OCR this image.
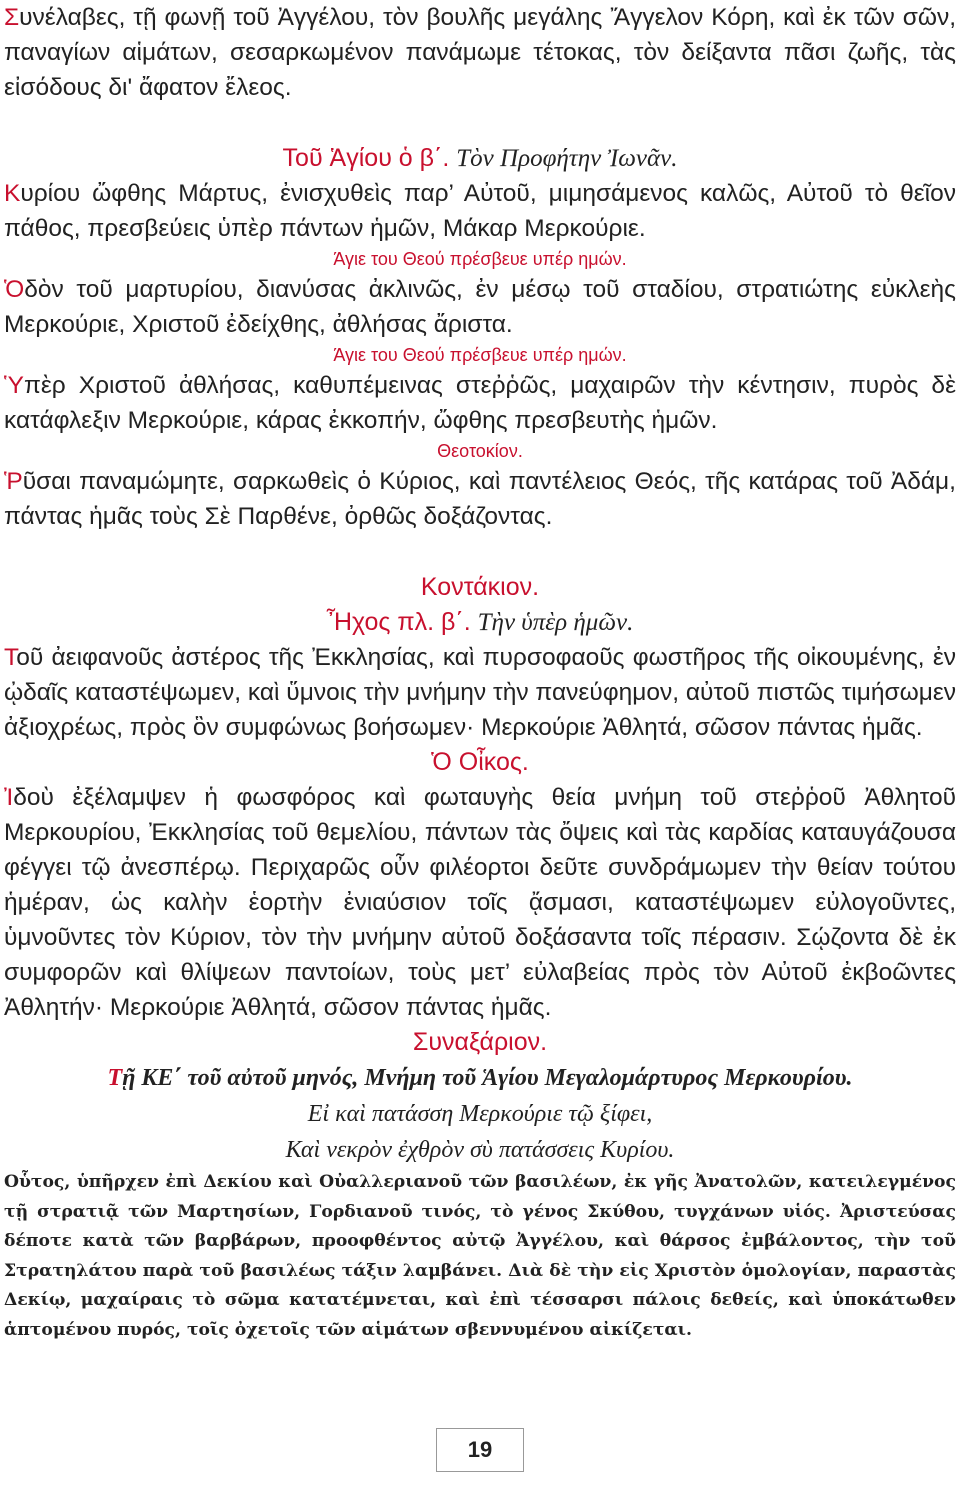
Συνέλαβες, τῇ φωνῇ τοῦ Ἀγγέλου, τὸν βουλῆς μεγάλης Ἄγγελον Κόρη, καὶ ἐκ τῶν σῶν, παναγίων αἱμάτων, σεσαρκωμένον πανάμωμε τέτοκας, τὸν δείξαντα πᾶσι ζωῆς, τὰς εἰσόδους δι' ἄφατον ἔλεος.

Τοῦ Ἁγίου ὁ β΄. Τὸν Προφήτην Ἰωνᾶν.

Κυρίου ὤφθης Μάρτυς, ἐνισχυθεὶς παρ’ Αὐτοῦ, μιμησάμενος καλῶς, Αὐτοῦ τὸ θεῖον πάθος, πρεσβεύεις ὑπὲρ πάντων ἡμῶν, Μάκαρ Μερκούριε.

Άγιε του Θεού πρέσβευε υπέρ ημών.

Ὁδὸν τοῦ μαρτυρίου, διανύσας ἀκλινῶς, ἐν μέσῳ τοῦ σταδίου, στρατιώτης εὐκλεὴς Μερκούριε, Χριστοῦ ἐδείχθης, ἀθλήσας ἄριστα.

Άγιε του Θεού πρέσβευε υπέρ ημών.

Ὑπὲρ Χριστοῦ ἀθλήσας, καθυπέμεινας στεῤῥῶς, μαχαιρῶν τὴν κέντησιν, πυρὸς δὲ κατάφλεξιν Μερκούριε, κάρας ἐκκοπήν, ὤφθης πρεσβευτὴς ἡμῶν.

Θεοτοκίον.

Ῥῦσαι παναμώμητε, σαρκωθεὶς ὁ Κύριος, καὶ παντέλειος Θεός, τῆς κατάρας τοῦ Ἀδάμ, πάντας ἡμᾶς τοὺς Σὲ Παρθένε, ὀρθῶς δοξάζοντας.

Κοντάκιον.

Ἦχος πλ. β΄. Τὴν ὑπὲρ ἡμῶν.

Τοῦ ἀειφανοῦς ἀστέρος τῆς Ἐκκλησίας, καὶ πυρσοφαοῦς φωστῆρος τῆς οἰκουμένης, ἐν ᾠδαῖς καταστέψωμεν, καὶ ὕμνοις τὴν μνήμην τὴν πανεύφημον, αὐτοῦ πιστῶς τιμήσωμεν ἀξιοχρέως, πρὸς ὃν συμφώνως βοήσωμεν· Μερκούριε Ἀθλητά, σῶσον πάντας ἡμᾶς.

Ὁ Οἶκος.

Ἰδοὺ ἐξέλαμψεν ἡ φωσφόρος καὶ φωταυγὴς θεία μνήμη τοῦ στεῤῥοῦ Ἀθλητοῦ Μερκουρίου, Ἐκκλησίας τοῦ θεμελίου, πάντων τὰς ὄψεις καὶ τὰς καρδίας καταυγάζουσα φέγγει τῷ ἀνεσπέρῳ. Περιχαρῶς οὖν φιλέορτοι δεῦτε συνδράμωμεν τὴν θείαν τούτου ἡμέραν, ὡς καλὴν ἑορτὴν ἐνιαύσιον τοῖς ᾄσμασι, καταστέψωμεν εὐλογοῦντες, ὑμνοῦντες τὸν Κύριον, τὸν τὴν μνήμην αὐτοῦ δοξάσαντα τοῖς πέρασιν. Σῴζοντα δὲ ἐκ συμφορῶν καὶ θλίψεων παντοίων, τοὺς μετ’ εὐλαβείας πρὸς τὸν Αὐτοῦ ἐκβοῶντες Ἀθλητήν· Μερκούριε Ἀθλητά, σῶσον πάντας ἡμᾶς.

Συναξάριον.

Τῇ ΚΕ΄ τοῦ αὐτοῦ μηνός, Μνήμη τοῦ Ἁγίου Μεγαλομάρτυρος Μερκουρίου.

Εἰ καὶ πατάσση Μερκούριε τῷ ξίφει,

Καὶ νεκρὸν ἐχθρὸν σὺ πατάσσεις Κυρίου.

Οὗτος, ὑπῆρχεν ἐπὶ Δεκίου καὶ Οὐαλλεριανοῦ τῶν βασιλέων, ἐκ γῆς Ἀνατολῶν, κατειλεγμένος τῇ στρατιᾷ τῶν Μαρτησίων, Γορδιανοῦ τινός, τὸ γένος Σκύθου, τυγχάνων υἱός. Ἀριστεύσας δέποτε κατὰ τῶν βαρβάρων, προοφθέντος αὐτῷ Ἀγγέλου, καὶ θάρσος ἐμβάλοντος, τὴν τοῦ Στρατηλάτου παρὰ τοῦ βασιλέως τάξιν λαμβάνει. Διὰ δὲ τὴν εἰς Χριστὸν ὁμολογίαν, παραστὰς Δεκίῳ, μαχαίραις τὸ σῶμα κατατέμνεται, καὶ ἐπὶ τέσσαρσι πάλοις δεθείς, καὶ ὑποκάτωθεν ἁπτομένου πυρός, τοῖς ὀχετοῖς τῶν αἱμάτων σβεννυμένου αἰκίζεται.

19
